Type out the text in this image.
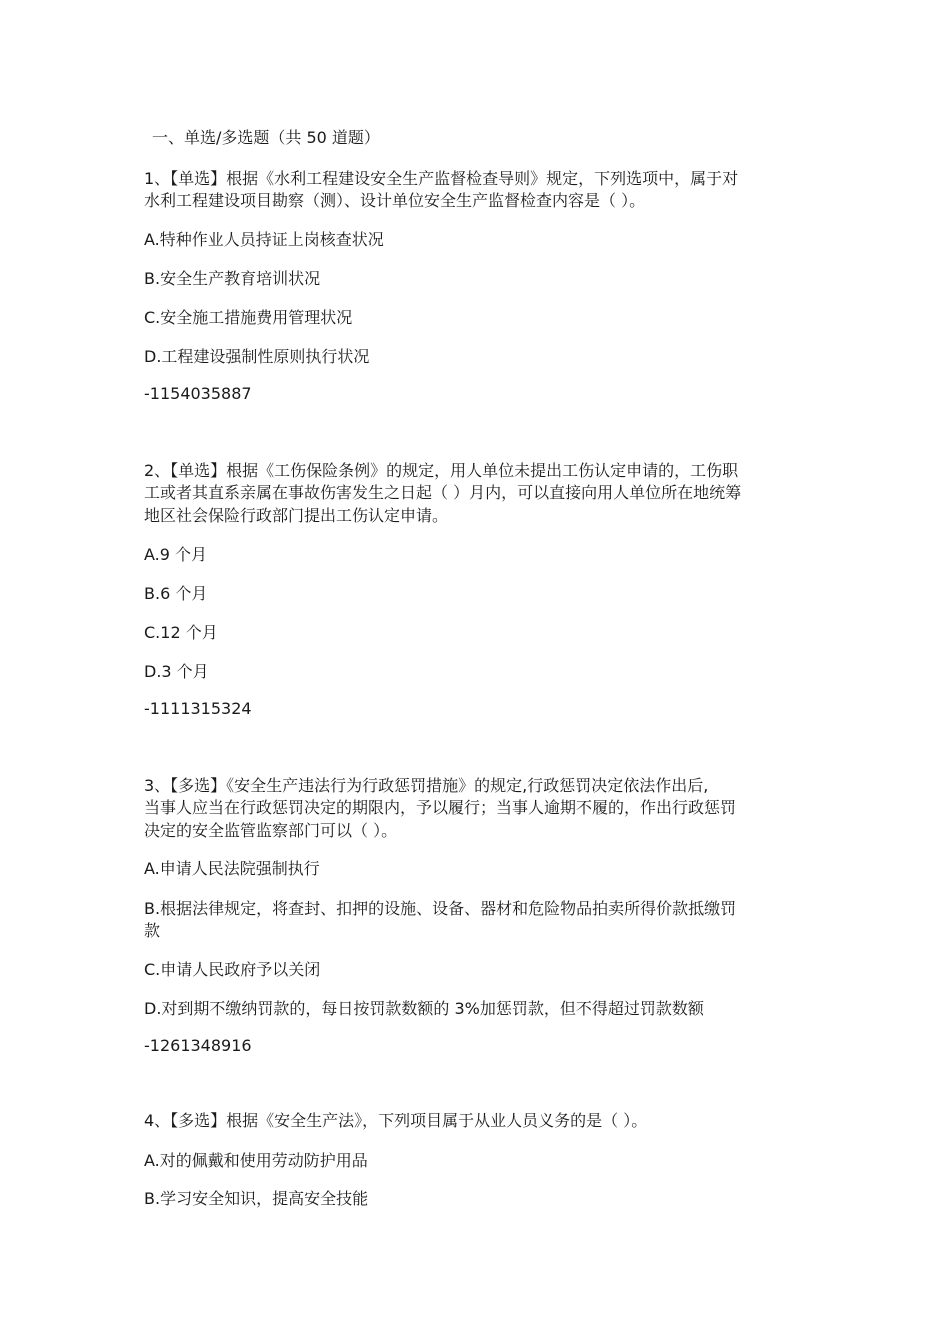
一、单选/多选题（共 50 道题）
1、【单选】根据《水利工程建设安全生产监督检查导则》规定，下列选项中，属于对
水利工程建设项目勘察（测）、设计单位安全生产监督检查内容是（ ）。
A.特种作业人员持证上岗核查状况
B.安全生产教育培训状况
C.安全施工措施费用管理状况
D.工程建设强制性原则执行状况
-1154035887
2、【单选】根据《工伤保险条例》的规定，用人单位未提出工伤认定申请的，工伤职
工或者其直系亲属在事故伤害发生之日起（ ）月内，可以直接向用人单位所在地统筹
地区社会保险行政部门提出工伤认定申请。
A.9 个月
B.6 个月
C.12 个月
D.3 个月
-1111315324
3、【多选】《安全生产违法行为行政惩罚措施》的规定,行政惩罚决定依法作出后,
当事人应当在行政惩罚决定的期限内，予以履行；当事人逾期不履的，作出行政惩罚
决定的安全监管监察部门可以（ ）。
A.申请人民法院强制执行
B.根据法律规定，将查封、扣押的设施、设备、器材和危险物品拍卖所得价款抵缴罚
款
C.申请人民政府予以关闭
D.对到期不缴纳罚款的，每日按罚款数额的 3%加惩罚款，但不得超过罚款数额
-1261348916
4、【多选】根据《安全生产法》，下列项目属于从业人员义务的是（ ）。
A.对的佩戴和使用劳动防护用品
B.学习安全知识，提高安全技能
